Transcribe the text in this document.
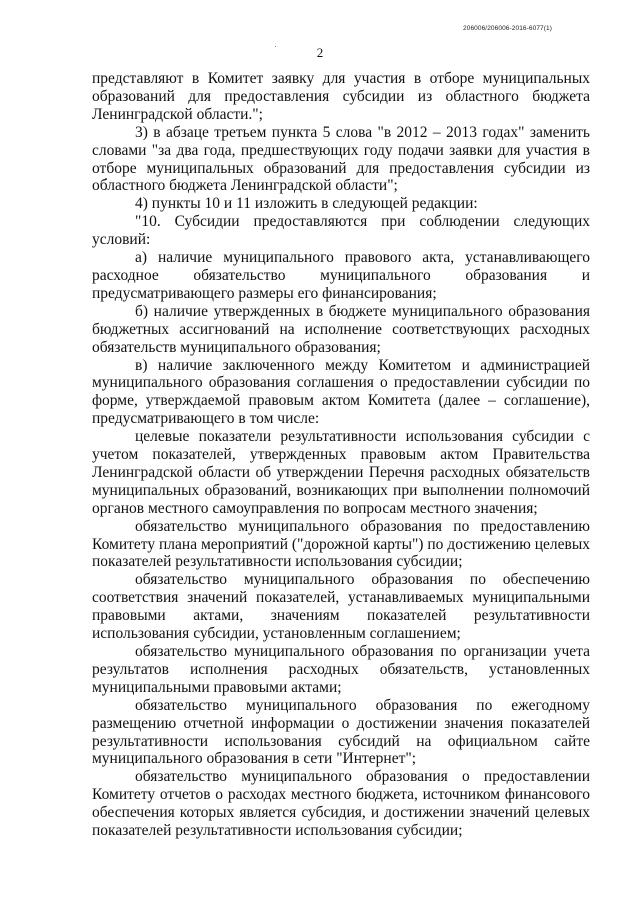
206006/206006-2016-6077(1)
2

представляют в Комитет заявку для участия в отборе муниципальных образований для предоставления субсидии из областного бюджета Ленинградской области.";

3) в абзаце третьем пункта 5 слова "в 2012 – 2013 годах" заменить словами "за два года, предшествующих году подачи заявки для участия в отборе муниципальных образований для предоставления субсидии из областного бюджета Ленинградской области";

4) пункты 10 и 11 изложить в следующей редакции:

"10. Субсидии предоставляются при соблюдении следующих условий:

а) наличие муниципального правового акта, устанавливающего расходное обязательство муниципального образования и предусматривающего размеры его финансирования;

б) наличие утвержденных в бюджете муниципального образования бюджетных ассигнований на исполнение соответствующих расходных обязательств муниципального образования;

в) наличие заключенного между Комитетом и администрацией муниципального образования соглашения о предоставлении субсидии по форме, утверждаемой правовым актом Комитета (далее – соглашение), предусматривающего в том числе:

целевые показатели результативности использования субсидии с учетом показателей, утвержденных правовым актом Правительства Ленинградской области об утверждении Перечня расходных обязательств муниципальных образований, возникающих при выполнении полномочий органов местного самоуправления по вопросам местного значения;

обязательство муниципального образования по предоставлению Комитету плана мероприятий ("дорожной карты") по достижению целевых показателей результативности использования субсидии;

обязательство муниципального образования по обеспечению соответствия значений показателей, устанавливаемых муниципальными правовыми актами, значениям показателей результативности использования субсидии, установленным соглашением;

обязательство муниципального образования по организации учета результатов исполнения расходных обязательств, установленных муниципальными правовыми актами;

обязательство муниципального образования по ежегодному размещению отчетной информации о достижении значения показателей результативности использования субсидий на официальном сайте муниципального образования в сети "Интернет";

обязательство муниципального образования о предоставлении Комитету отчетов о расходах местного бюджета, источником финансового обеспечения которых является субсидия, и достижении значений целевых показателей результативности использования субсидии;
